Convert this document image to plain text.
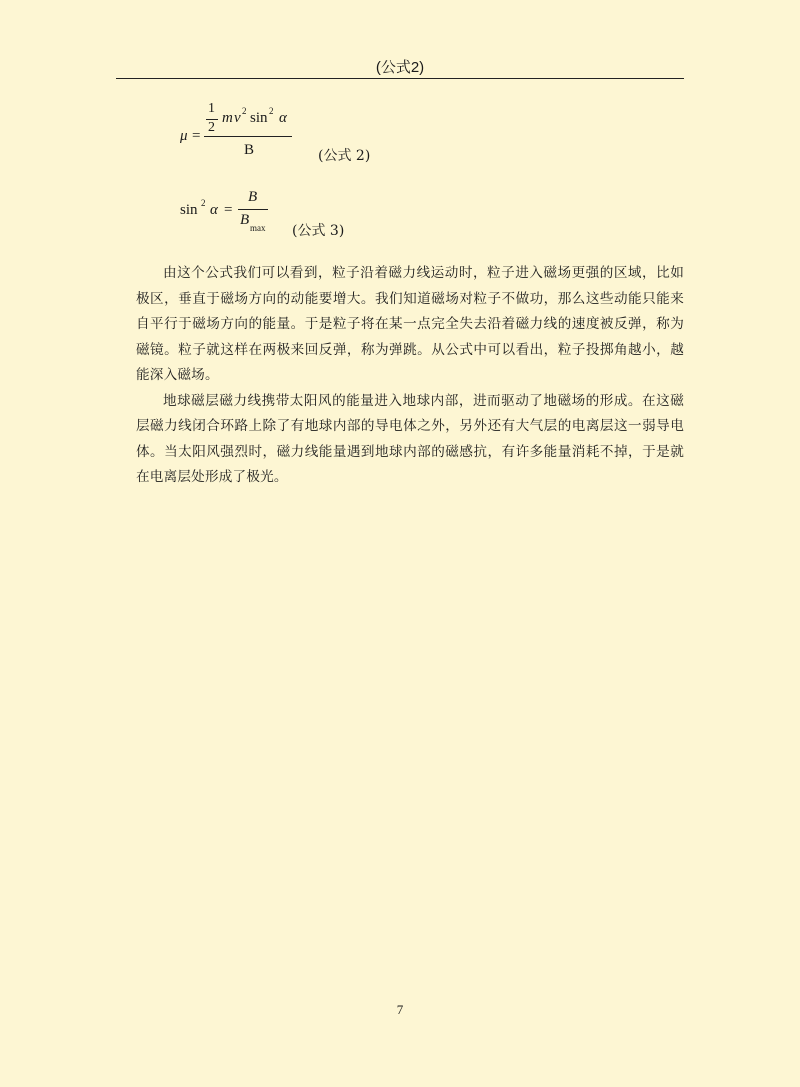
(公式2)
μ =
1
2
m v 2 sin 2 α
B	(公式 2)
sin 2 α =
B
B max (公式 3)

由这个公式我们可以看到，粒子沿着磁力线运动时，粒子进入磁场更强的区域，比如极区，垂直于磁场方向的动能要增大。我们知道磁场对粒子不做功，那么这些动能只能来自平行于磁场方向的能量。于是粒子将在某一点完全失去沿着磁力线的速度被反弹，称为磁镜。粒子就这样在两极来回反弹，称为弹跳。从公式中可以看出，粒子投掷角越小，越能深入磁场。

地球磁层磁力线携带太阳风的能量进入地球内部，进而驱动了地磁场的形成。在这磁层磁力线闭合环路上除了有地球内部的导电体之外，另外还有大气层的电离层这一弱导电体。当太阳风强烈时，磁力线能量遇到地球内部的磁感抗，有许多能量消耗不掉，于是就在电离层处形成了极光。

7
